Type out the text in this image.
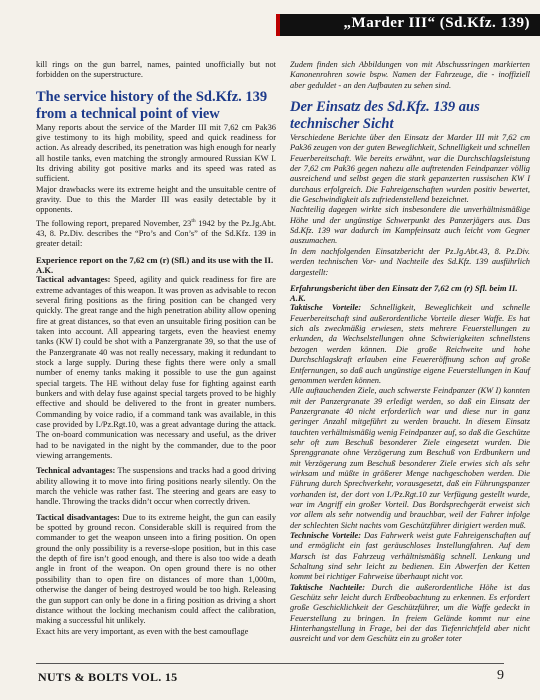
„Marder III“ (Sd.Kfz. 139)

kill rings on the gun barrel, names, painted unofficially but not forbidden on the superstructure.

The service history of the Sd.Kfz. 139 from a technical point of view

Many reports about the service of the Marder III mit 7,62 cm Pak36 give testimony to its high mobility, speed and quick readiness for action. As already described, its penetration was high enough for nearly all hostile tanks, even matching the strongly armoured Russian KW I. Its driving ability got positive marks and its speed was rated as sufficient.

Major drawbacks were its extreme height and the unsuitable centre of gravity. Due to this the Marder III was easily detectable by it opponents.

The following report, prepared November, 23th 1942 by the Pz.Jg.Abt. 43, 8. Pz.Div. describes the “Pro’s and Con’s” of the Sd.Kfz. 139 in greater detail:

Experience report on the 7,62 cm (r) (Sfl.) and its use with the II. A.K.

Tactical advantages: Speed, agility and quick readiness for fire are extreme advantages of this weapon. It was proven as advisable to recon several firing positions as the firing position can be changed very quickly. The great range and the high penetration ability allow opening fire at great distances, so that even an unsuitable firing position can be taken into account. All appearing targets, even the heaviest enemy tanks (KW I) could be shot with a Panzergranate 39, so that the use of the Panzergranate 40 was not really necessary, making it redundant to stock a large supply. During these fights there were only a small number of enemy tanks making it possible to use the gun against special targets. The HE without delay fuse for fighting against earth bunkers and with delay fuse against special targets proved to be highly effective and should be delivered to the front in greater numbers. Commanding by voice radio, if a command tank was available, in this case provided by I./Pz.Rgt.10, was a great advantage during the attack. The on-board communication was necessary and useful, as the driver had to be navigated in the night by the commander, due to the poor viewing arrangements.

Technical advantages: The suspensions and tracks had a good driving ability allowing it to move into firing positions nearly silently. On the march the vehicle was rather fast. The steering and gears are easy to handle. Throwing the tracks didn’t occur when correctly driven.

Tactical disadvantages: Due to its extreme height, the gun can easily be spotted by ground recon. Considerable skill is required from the commander to get the weapon unseen into a firing position. On open ground the only possibility is a reverse-slope position, but in this case the depth of fire isn’t good enough, and there is also too wide a death angle in front of the weapon. On open ground there is no other possibility than to open fire on distances of more than 1,000m, otherwise the danger of being destroyed would be too high. Releasing the gun support can only be done in a firing position as driving a short distance without the locking mechanism could affect the calibration, making a successful hit unlikely.

Exact hits are very important, as even with the best camouflage

Zudem finden sich Abbildungen von mit Abschussringen markierten Kanonenrohren sowie bspw. Namen der Fahrzeuge, die - inoffiziell aber geduldet - an den Aufbauten zu sehen sind.

Der Einsatz des Sd.Kfz. 139 aus technischer Sicht

Verschiedene Berichte über den Einsatz der Marder III mit 7,62 cm Pak36 zeugen von der guten Beweglichkeit, Schnelligkeit und schnellen Feuerbereitschaft. Wie bereits erwähnt, war die Durchschlagsleistung der 7,62 cm Pak36 gegen nahezu alle auftretenden Feindpanzer völlig ausreichend und selbst gegen die stark gepanzerten russischen KW I durchaus erfolgreich. Die Fahreigenschaften wurden positiv bewertet, die Geschwindigkeit als zufriedenstellend bezeichnet.

Nachteilig dagegen wirkte sich insbesondere die unverhältnismäßige Höhe und der ungünstige Schwerpunkt des Panzerjägers aus. Das Sd.Kfz. 139 war dadurch im Kampfeinsatz auch leicht vom Gegner auszumachen.

In dem nachfolgenden Einsatzbericht der Pz.Jg.Abt.43, 8. Pz.Div. werden technischen Vor- und Nachteile des Sd.Kfz. 139 ausführlich dargestellt:

Erfahrungsbericht über den Einsatz der 7,62 cm (r) Sfl. beim II. A.K.

Taktische Vorteile: Schnelligkeit, Beweglichkeit und schnelle Feuerbereitschaft sind außerordentliche Vorteile dieser Waffe. Es hat sich als zweckmäßig erwiesen, stets mehrere Feuerstellungen zu erkunden, da Wechselstellungen ohne Schwierigkeiten schnellstens bezogen werden können. Die große Reichweite und hohe Durchschlagskraft erlauben eine Feuereröffnung schon auf große Entfernungen, so daß auch ungünstige eigene Feuerstellungen in Kauf genommen werden können.

Alle auftauchenden Ziele, auch schwerste Feindpanzer (KW I) konnten mit der Panzergranate 39 erledigt werden, so daß ein Einsatz der Panzergranate 40 nicht erforderlich war und diese nur in ganz geringer Anzahl mitgeführt zu werden braucht. In diesem Einsatz tauchten verhältnismäßig wenig Feindpanzer auf, so daß die Geschütze sehr oft zum Beschuß besonderer Ziele eingesetzt wurden. Die Sprenggranate ohne Verzögerung zum Beschuß von Erdbunkern und mit Verzögerung zum Beschuß besonderer Ziele erwies sich als sehr wirksam und müßte in größerer Menge nachgeschoben werden. Die Führung durch Sprechverkehr, vorausgesetzt, daß ein Führungspanzer vorhanden ist, der dort von I./Pz.Rgt.10 zur Verfügung gestellt wurde, war im Angriff ein großer Vorteil. Das Bordsprechgerät erweist sich vor allem als sehr notwendig und brauchbar, weil der Fahrer infolge der schlechten Sicht nachts vom Geschützführer dirigiert werden muß.

Technische Vorteile: Das Fahrwerk weist gute Fahreigenschaften auf und ermöglicht ein fast geräuschloses Instellungfahren. Auf dem Marsch ist das Fahrzeug verhältnismäßig schnell. Lenkung und Schaltung sind sehr leicht zu bedienen. Ein Abwerfen der Ketten kommt bei richtiger Fahrweise überhaupt nicht vor.

Taktische Nachteile: Durch die außerordentliche Höhe ist das Geschütz sehr leicht durch Erdbeobachtung zu erkennen. Es erfordert große Geschicklichkeit der Geschützführer, um die Waffe gedeckt in Feuerstellung zu bringen. In freiem Gelände kommt nur eine Hinterhangstellung in Frage, bei der das Tiefenrichtfeld aber nicht ausreicht und vor dem Geschütz ein zu großer toter

NUTS & BOLTS VOL. 15	9
